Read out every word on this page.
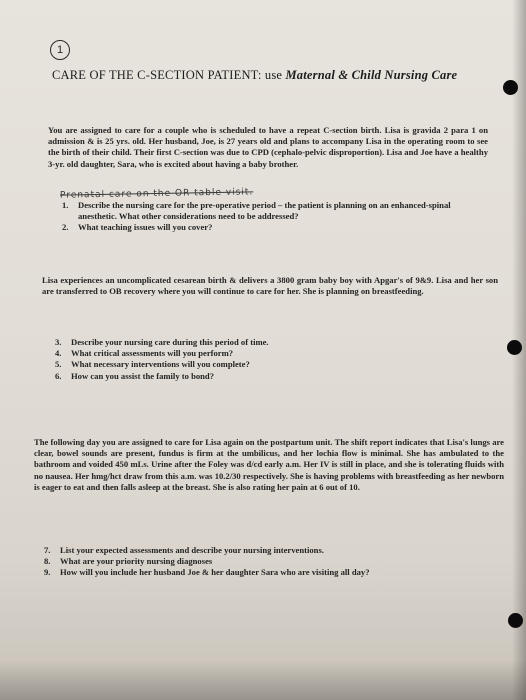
1
CARE OF THE C-SECTION PATIENT: use Maternal & Child Nursing Care
You are assigned to care for a couple who is scheduled to have a repeat C-section birth. Lisa is gravida 2 para 1 on admission & is 25 yrs. old. Her husband, Joe, is 27 years old and plans to accompany Lisa in the operating room to see the birth of their child. Their first C-section was due to CPD (cephalo-pelvic disproportion). Lisa and Joe have a healthy 3-yr. old daughter, Sara, who is excited about having a baby brother.
Prenatal care on the OR table visit.
1.	Describe the nursing care for the pre-operative period – the patient is planning on an enhanced-spinal anesthetic. What other considerations need to be addressed?
2.	What teaching issues will you cover?
Lisa experiences an uncomplicated cesarean birth & delivers a 3800 gram baby boy with Apgar's of 9&9. Lisa and her son are transferred to OB recovery where you will continue to care for her. She is planning on breastfeeding.
3.	Describe your nursing care during this period of time.
4.	What critical assessments will you perform?
5.	What necessary interventions will you complete?
6.	How can you assist the family to bond?
The following day you are assigned to care for Lisa again on the postpartum unit. The shift report indicates that Lisa's lungs are clear, bowel sounds are present, fundus is firm at the umbilicus, and her lochia flow is minimal. She has ambulated to the bathroom and voided 450 mLs. Urine after the Foley was d/cd early a.m. Her IV is still in place, and she is tolerating fluids with no nausea. Her hmg/hct draw from this a.m. was 10.2/30 respectively. She is having problems with breastfeeding as her newborn is eager to eat and then falls asleep at the breast. She is also rating her pain at 6 out of 10.
7.	List your expected assessments and describe your nursing interventions.
8.	What are your priority nursing diagnoses
9.	How will you include her husband Joe & her daughter Sara who are visiting all day?
